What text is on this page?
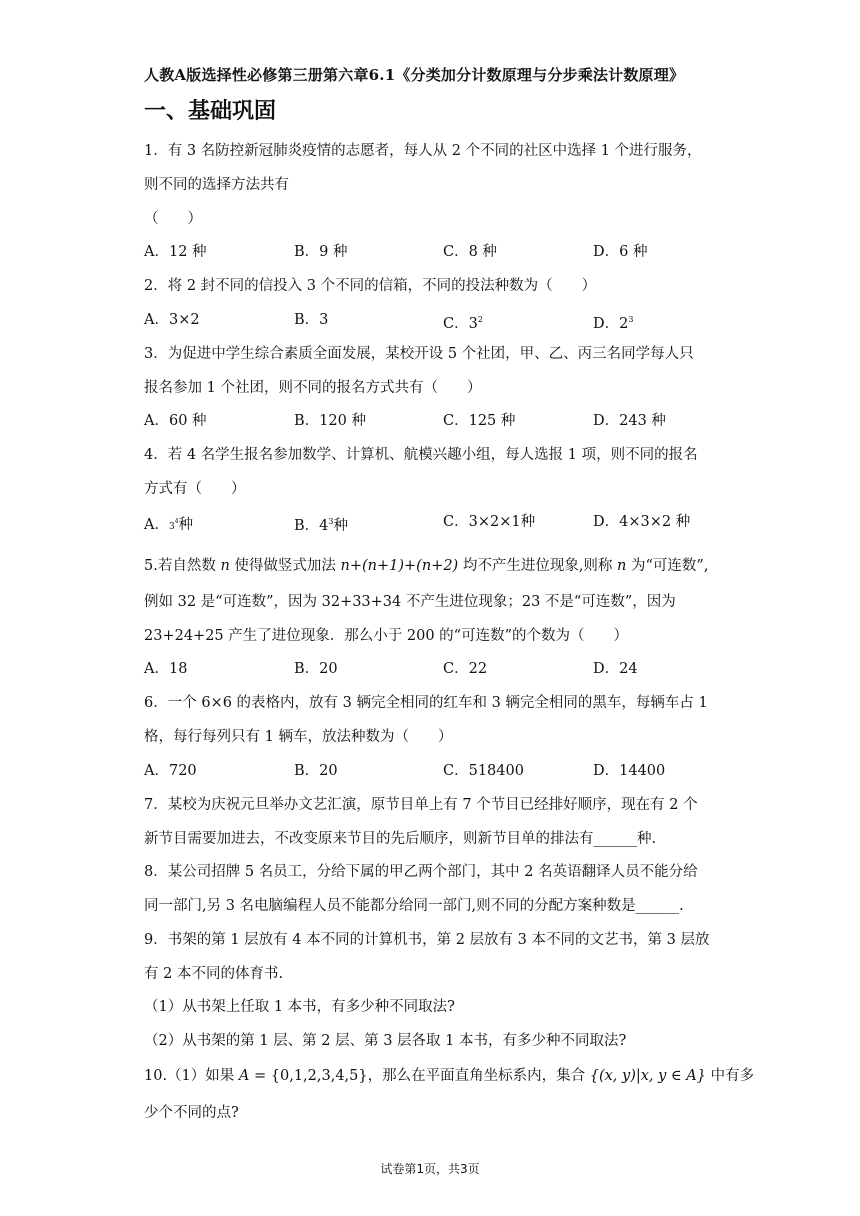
人教A版选择性必修第三册第六章6.1《分类加分计数原理与分步乘法计数原理》
一、基础巩固
1．有 3 名防控新冠肺炎疫情的志愿者，每人从 2 个不同的社区中选择 1 个进行服务，
则不同的选择方法共有
（　　）
A．12 种	B．9 种	C．8 种	D．6 种
2．将 2 封不同的信投入 3 个不同的信箱，不同的投法种数为（　　）
A．3×2	B．3	C．$3^2$	D．$2^3$
3．为促进中学生综合素质全面发展，某校开设 5 个社团，甲、乙、丙三名同学每人只
报名参加 1 个社团，则不同的报名方式共有（　　）
A．60 种	B．120 种	C．125 种	D．243 种
4．若 4 名学生报名参加数学、计算机、航模兴趣小组，每人选报 1 项，则不同的报名
方式有（　　）
A．$3^4$种	B．$4^3$种	C．3×2×1种	D．4×3×2 种
5.若自然数 n 使得做竖式加法 n+(n+1)+(n+2) 均不产生进位现象,则称 n 为“可连数”,
例如 32 是“可连数”，因为 32+33+34 不产生进位现象；23 不是“可连数”，因为
23+24+25 产生了进位现象．那么小于 200 的“可连数”的个数为（　　）
A．18	B．20	C．22	D．24
6．一个 6×6 的表格内，放有 3 辆完全相同的红车和 3 辆完全相同的黑车，每辆车占 1
格，每行每列只有 1 辆车，放法种数为（　　）
A．720	B．20	C．518400	D．14400
7．某校为庆祝元旦举办文艺汇演，原节目单上有 7 个节目已经排好顺序，现在有 2 个
新节目需要加进去，不改变原来节目的先后顺序，则新节目单的排法有______种.
8．某公司招牌 5 名员工，分给下属的甲乙两个部门，其中 2 名英语翻译人员不能分给
同一部门,另 3 名电脑编程人员不能都分给同一部门,则不同的分配方案种数是______.
9．书架的第 1 层放有 4 本不同的计算机书，第 2 层放有 3 本不同的文艺书，第 3 层放
有 2 本不同的体育书.
（1）从书架上任取 1 本书，有多少种不同取法?
（2）从书架的第 1 层、第 2 层、第 3 层各取 1 本书，有多少种不同取法?
10.（1）如果 A = {0,1,2,3,4,5}，那么在平面直角坐标系内，集合 {(x, y)|x, y ∈ A} 中有多
少个不同的点?
试卷第1页，共3页
